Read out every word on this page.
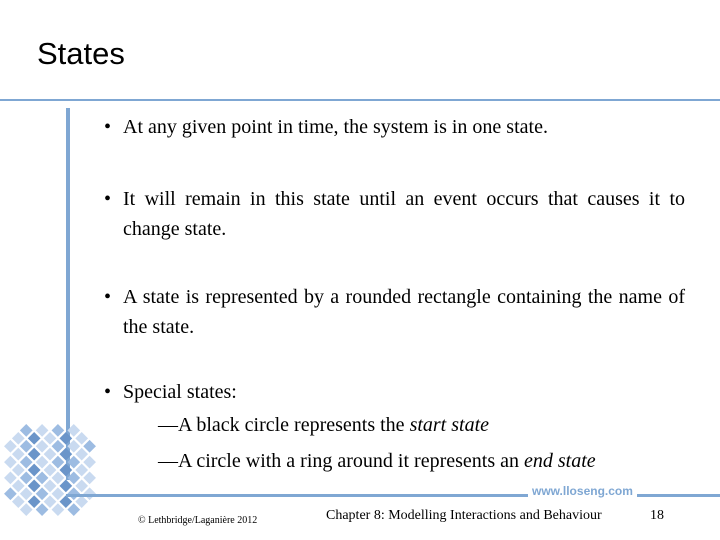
States
www.lloseng.com
• At any given point in time, the system is in one state.
• It will remain in this state until an event occurs that causes it to change state.
• A state is represented by a rounded rectangle containing the name of the state.
• Special states:
—A black circle represents the start state
—A circle with a ring around it represents an end state
© Lethbridge/Laganière 2012	Chapter 8: Modelling Interactions and Behaviour	18
